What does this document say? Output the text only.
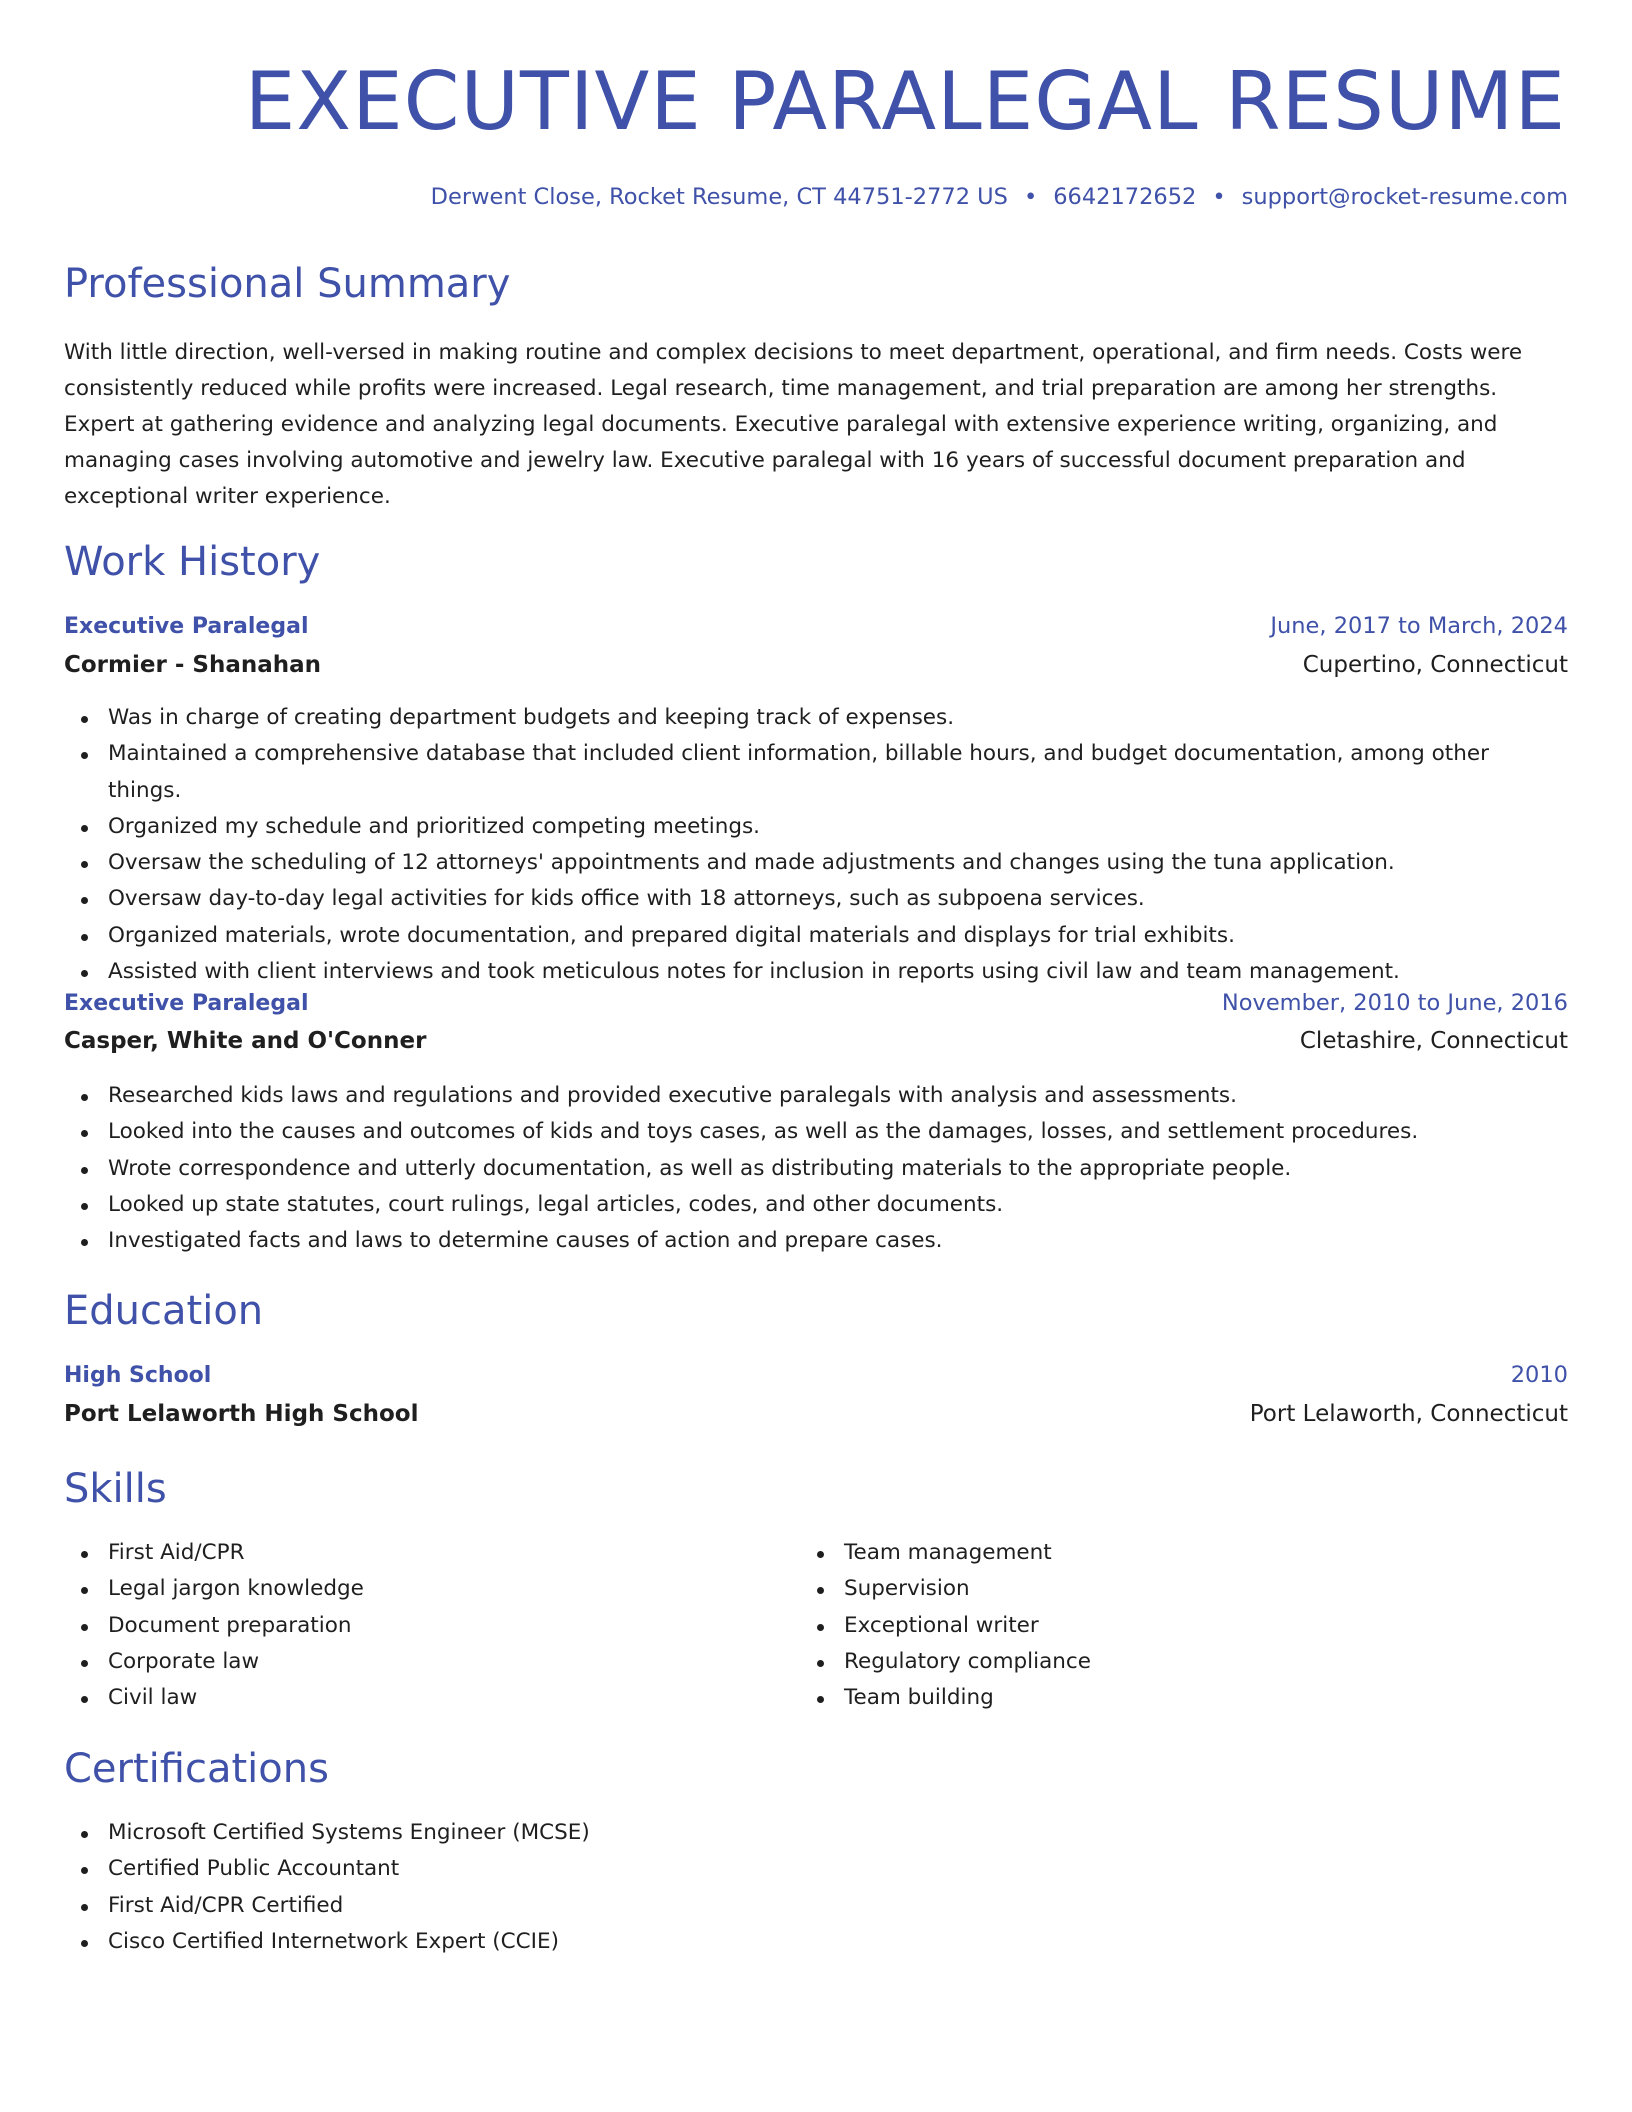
EXECUTIVE PARALEGAL RESUME

Derwent Close, Rocket Resume, CT 44751-2772 US • 6642172652 • support@rocket-resume.com

Professional Summary

With little direction, well-versed in making routine and complex decisions to meet department, operational, and firm needs. Costs were consistently reduced while profits were increased. Legal research, time management, and trial preparation are among her strengths. Expert at gathering evidence and analyzing legal documents. Executive paralegal with extensive experience writing, organizing, and managing cases involving automotive and jewelry law. Executive paralegal with 16 years of successful document preparation and exceptional writer experience.

Work History
Executive Paralegal	June, 2017 to March, 2024
Cormier - Shanahan	Cupertino, Connecticut
Was in charge of creating department budgets and keeping track of expenses.
Maintained a comprehensive database that included client information, billable hours, and budget documentation, among other things.
Organized my schedule and prioritized competing meetings.
Oversaw the scheduling of 12 attorneys' appointments and made adjustments and changes using the tuna application.
Oversaw day-to-day legal activities for kids office with 18 attorneys, such as subpoena services.
Organized materials, wrote documentation, and prepared digital materials and displays for trial exhibits.
Assisted with client interviews and took meticulous notes for inclusion in reports using civil law and team management.
Executive Paralegal	November, 2010 to June, 2016
Casper, White and O'Conner	Cletashire, Connecticut
Researched kids laws and regulations and provided executive paralegals with analysis and assessments.
Looked into the causes and outcomes of kids and toys cases, as well as the damages, losses, and settlement procedures.
Wrote correspondence and utterly documentation, as well as distributing materials to the appropriate people.
Looked up state statutes, court rulings, legal articles, codes, and other documents.
Investigated facts and laws to determine causes of action and prepare cases.
Education
High School	2010
Port Lelaworth High School	Port Lelaworth, Connecticut
Skills
First Aid/CPR
Legal jargon knowledge
Document preparation
Corporate law
Civil law
Team management
Supervision
Exceptional writer
Regulatory compliance
Team building
Certifications
Microsoft Certified Systems Engineer (MCSE)
Certified Public Accountant
First Aid/CPR Certified
Cisco Certified Internetwork Expert (CCIE)
